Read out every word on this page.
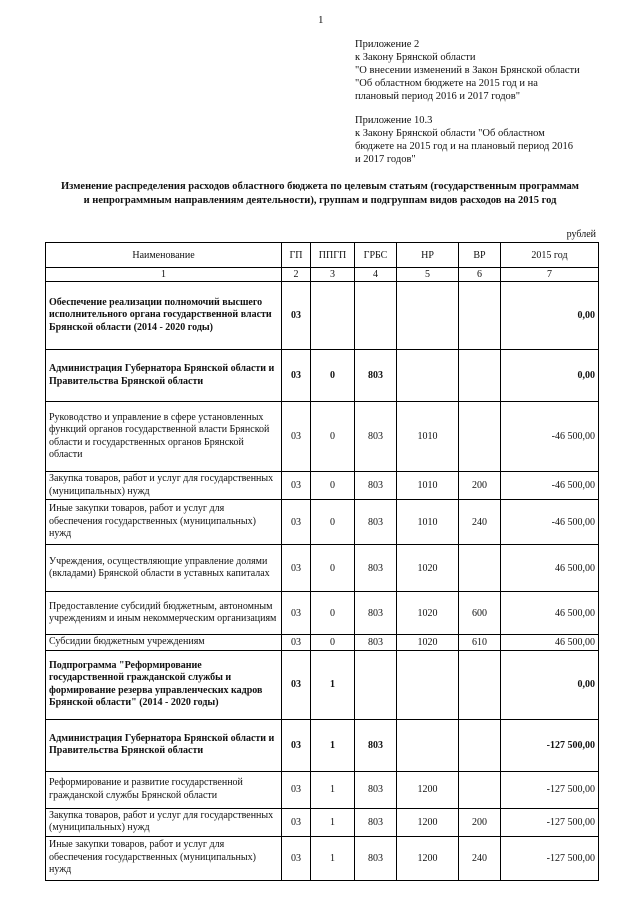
1

Приложение 2

к Закону Брянской области

"О внесении изменений в Закон Брянской области

"Об областном бюджете на 2015 год и на

плановый период 2016 и 2017 годов"

Приложение 10.3

к Закону Брянской области "Об областном

бюджете на 2015 год и на плановый период 2016

и 2017 годов"

Изменение распределения расходов областного бюджета по целевым статьям (государственным программам и непрограммным направлениям деятельности), группам и подгруппам видов расходов на 2015 год
рублей
Наименование	ГП	ППГП	ГРБС	НР	ВР	2015 год
1	2	3	4	5	6	7
Обеспечение реализации полномочий высшего исполнительного органа государственной власти Брянской области (2014 - 2020 годы)	03					0,00
Администрация Губернатора Брянской области и Правительства Брянской области	03	0	803			0,00
Руководство и управление в сфере установленных функций органов государственной власти Брянской области и государственных органов Брянской области	03	0	803	1010		-46 500,00
Закупка товаров, работ и услуг для государственных (муниципальных) нужд	03	0	803	1010	200	-46 500,00
Иные закупки товаров, работ и услуг для обеспечения государственных (муниципальных) нужд	03	0	803	1010	240	-46 500,00
Учреждения, осуществляющие управление долями (вкладами) Брянской области в уставных капиталах	03	0	803	1020		46 500,00
Предоставление субсидий бюджетным, автономным учреждениям и иным некоммерческим организациям	03	0	803	1020	600	46 500,00
Субсидии бюджетным учреждениям	03	0	803	1020	610	46 500,00
Подпрограмма "Реформирование государственной гражданской службы и формирование резерва управленческих кадров Брянской области" (2014 - 2020 годы)	03	1				0,00
Администрация Губернатора Брянской области и Правительства Брянской области	03	1	803			-127 500,00
Реформирование и развитие государственной гражданской службы Брянской области	03	1	803	1200		-127 500,00
Закупка товаров, работ и услуг для государственных (муниципальных) нужд	03	1	803	1200	200	-127 500,00
Иные закупки товаров, работ и услуг для обеспечения государственных (муниципальных) нужд	03	1	803	1200	240	-127 500,00
